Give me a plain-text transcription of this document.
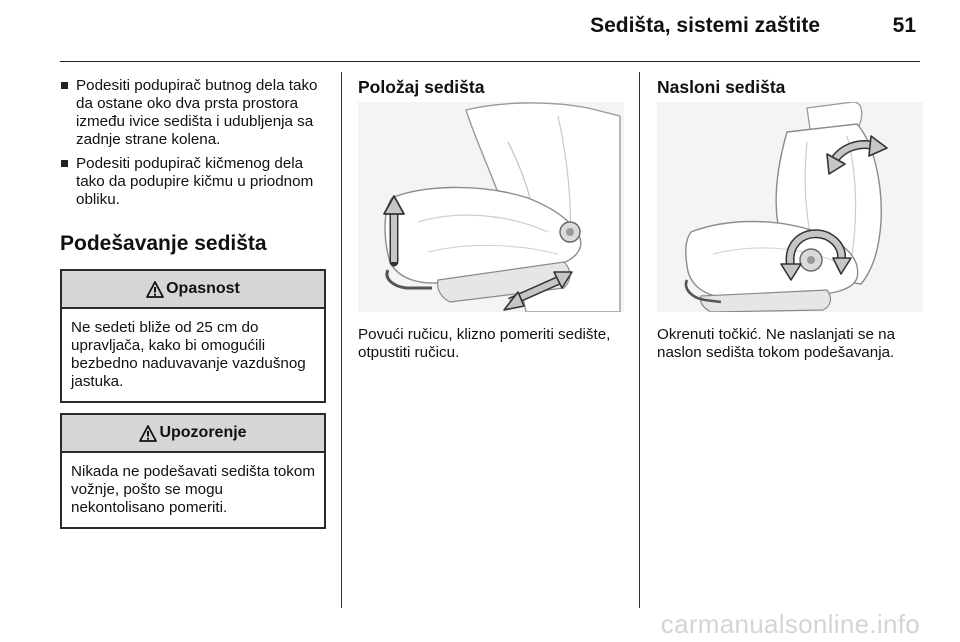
Sedišta, sistemi zaštite	51
Podesiti podupirač butnog dela tako da ostane oko dva prsta prostora između ivice sedišta i udubljenja sa zadnje strane kolena.
Podesiti podupirač kičmenog dela tako da podupire kičmu u priodnom obliku.
Podešavanje sedišta
Opasnost
Ne sedeti bliže od 25 cm do upravljača, kako bi omogućili bezbedno naduvavanje vazdušnog jastuka.
Upozorenje
Nikada ne podešavati sedišta tokom vožnje, pošto se mogu nekontolisano pomeriti.
Položaj sedišta

Povući ručicu, klizno pomeriti sedište, otpustiti ručicu.

Nasloni sedišta

Okrenuti točkić. Ne naslanjati se na naslon sedišta tokom podešavanja.

carmanualsonline.info
